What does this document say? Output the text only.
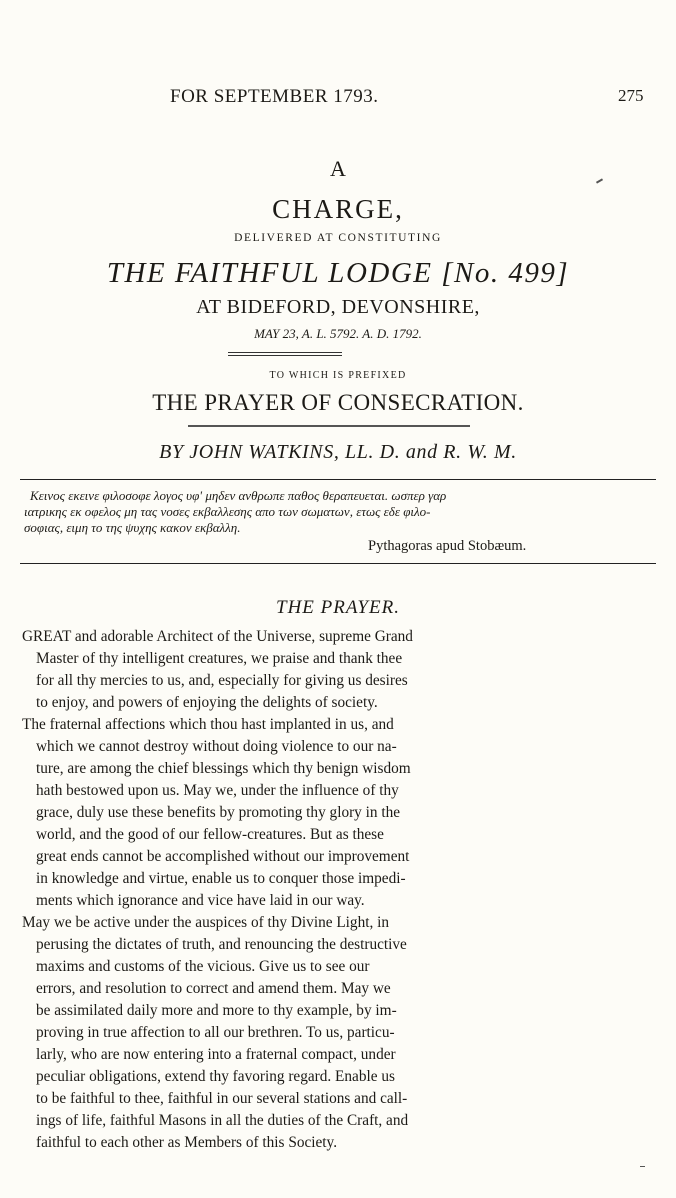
FOR SEPTEMBER 1793.	275
A
CHARGE,
DELIVERED AT CONSTITUTING
THE FAITHFUL LODGE [No. 499]
AT BIDEFORD, DEVONSHIRE,
MAY 23, A. L. 5792. A. D. 1792.
TO WHICH IS PREFIXED
THE PRAYER OF CONSECRATION.
BY JOHN WATKINS, LL. D. and R. W. M.
Κεινος εκεινε φιλοσοφε λογος υφ' μηδεν ανθρωπε παθος θεραπευεται. ωσπερ γαρ
ιατρικης εκ οφελος μη τας νοσες εκβαλλεσης απο των σωματων, ετως εδε φιλο-
σοφιας, ειμη το της ψυχης κακον εκβαλλη.
Pythagoras apud Stobæum.
THE PRAYER.
GREAT and adorable Architect of the Universe, supreme Grand
Master of thy intelligent creatures, we praise and thank thee
for all thy mercies to us, and, especially for giving us desires
to enjoy, and powers of enjoying the delights of society.
The fraternal affections which thou hast implanted in us, and
which we cannot destroy without doing violence to our na-
ture, are among the chief blessings which thy benign wisdom
hath bestowed upon us. May we, under the influence of thy
grace, duly use these benefits by promoting thy glory in the
world, and the good of our fellow-creatures. But as these
great ends cannot be accomplished without our improvement
in knowledge and virtue, enable us to conquer those impedi-
ments which ignorance and vice have laid in our way.
May we be active under the auspices of thy Divine Light, in
perusing the dictates of truth, and renouncing the destructive
maxims and customs of the vicious. Give us to see our
errors, and resolution to correct and amend them. May we
be assimilated daily more and more to thy example, by im-
proving in true affection to all our brethren. To us, particu-
larly, who are now entering into a fraternal compact, under
peculiar obligations, extend thy favoring regard. Enable us
to be faithful to thee, faithful in our several stations and call-
ings of life, faithful Masons in all the duties of the Craft, and
faithful to each other as Members of this Society.
